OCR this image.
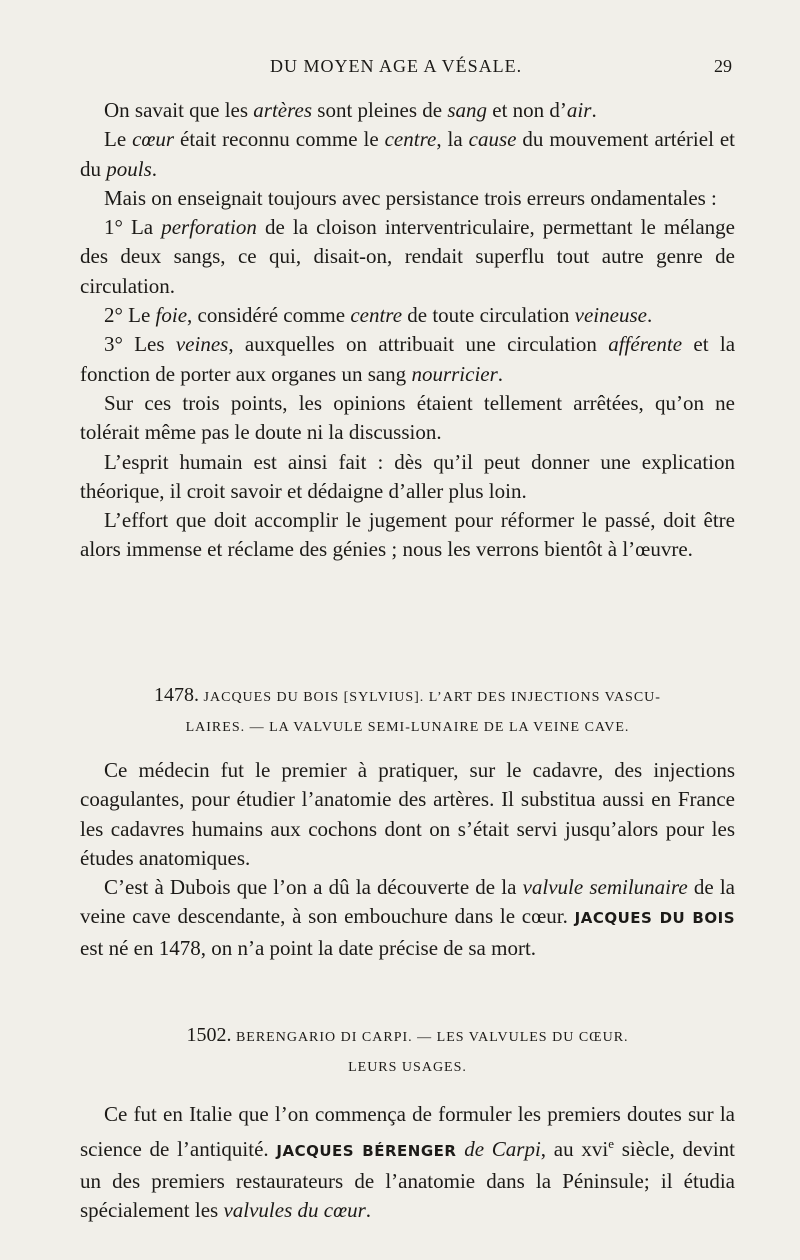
DU MOYEN AGE A VÉSALE.	29

On savait que les artères sont pleines de sang et non d’air.

Le cœur était reconnu comme le centre, la cause du mouvement artériel et du pouls.

Mais on enseignait toujours avec persistance trois erreurs ondamentales :

1° La perforation de la cloison interventriculaire, permettant le mélange des deux sangs, ce qui, disait-on, rendait superflu tout autre genre de circulation.

2° Le foie, considéré comme centre de toute circulation veineuse.

3° Les veines, auxquelles on attribuait une circulation afférente et la fonction de porter aux organes un sang nourricier.

Sur ces trois points, les opinions étaient tellement arrêtées, qu’on ne tolérait même pas le doute ni la discussion.

L’esprit humain est ainsi fait : dès qu’il peut donner une explication théorique, il croit savoir et dédaigne d’aller plus loin.

L’effort que doit accomplir le jugement pour réformer le passé, doit être alors immense et réclame des génies ; nous les verrons bientôt à l’œuvre.

1478. JACQUES DU BOIS [SYLVIUS]. L’ART DES INJECTIONS VASCU-
LAIRES. — LA VALVULE SEMI-LUNAIRE DE LA VEINE CAVE.

Ce médecin fut le premier à pratiquer, sur le cadavre, des injections coagulantes, pour étudier l’anatomie des artères. Il substitua aussi en France les cadavres humains aux cochons dont on s’était servi jusqu’alors pour les études anatomiques.

C’est à Dubois que l’on a dû la découverte de la valvule semilunaire de la veine cave descendante, à son embouchure dans le cœur. JACQUES DU BOIS est né en 1478, on n’a point la date précise de sa mort.

1502. BERENGARIO DI CARPI. — LES VALVULES DU CŒUR.
LEURS USAGES.

Ce fut en Italie que l’on commença de formuler les premiers doutes sur la science de l’antiquité. JACQUES BÉRENGER de Carpi, au xvi$^e$ siècle, devint un des premiers restaurateurs de l’anatomie dans la Péninsule; il étudia spécialement les valvules du cœur.
